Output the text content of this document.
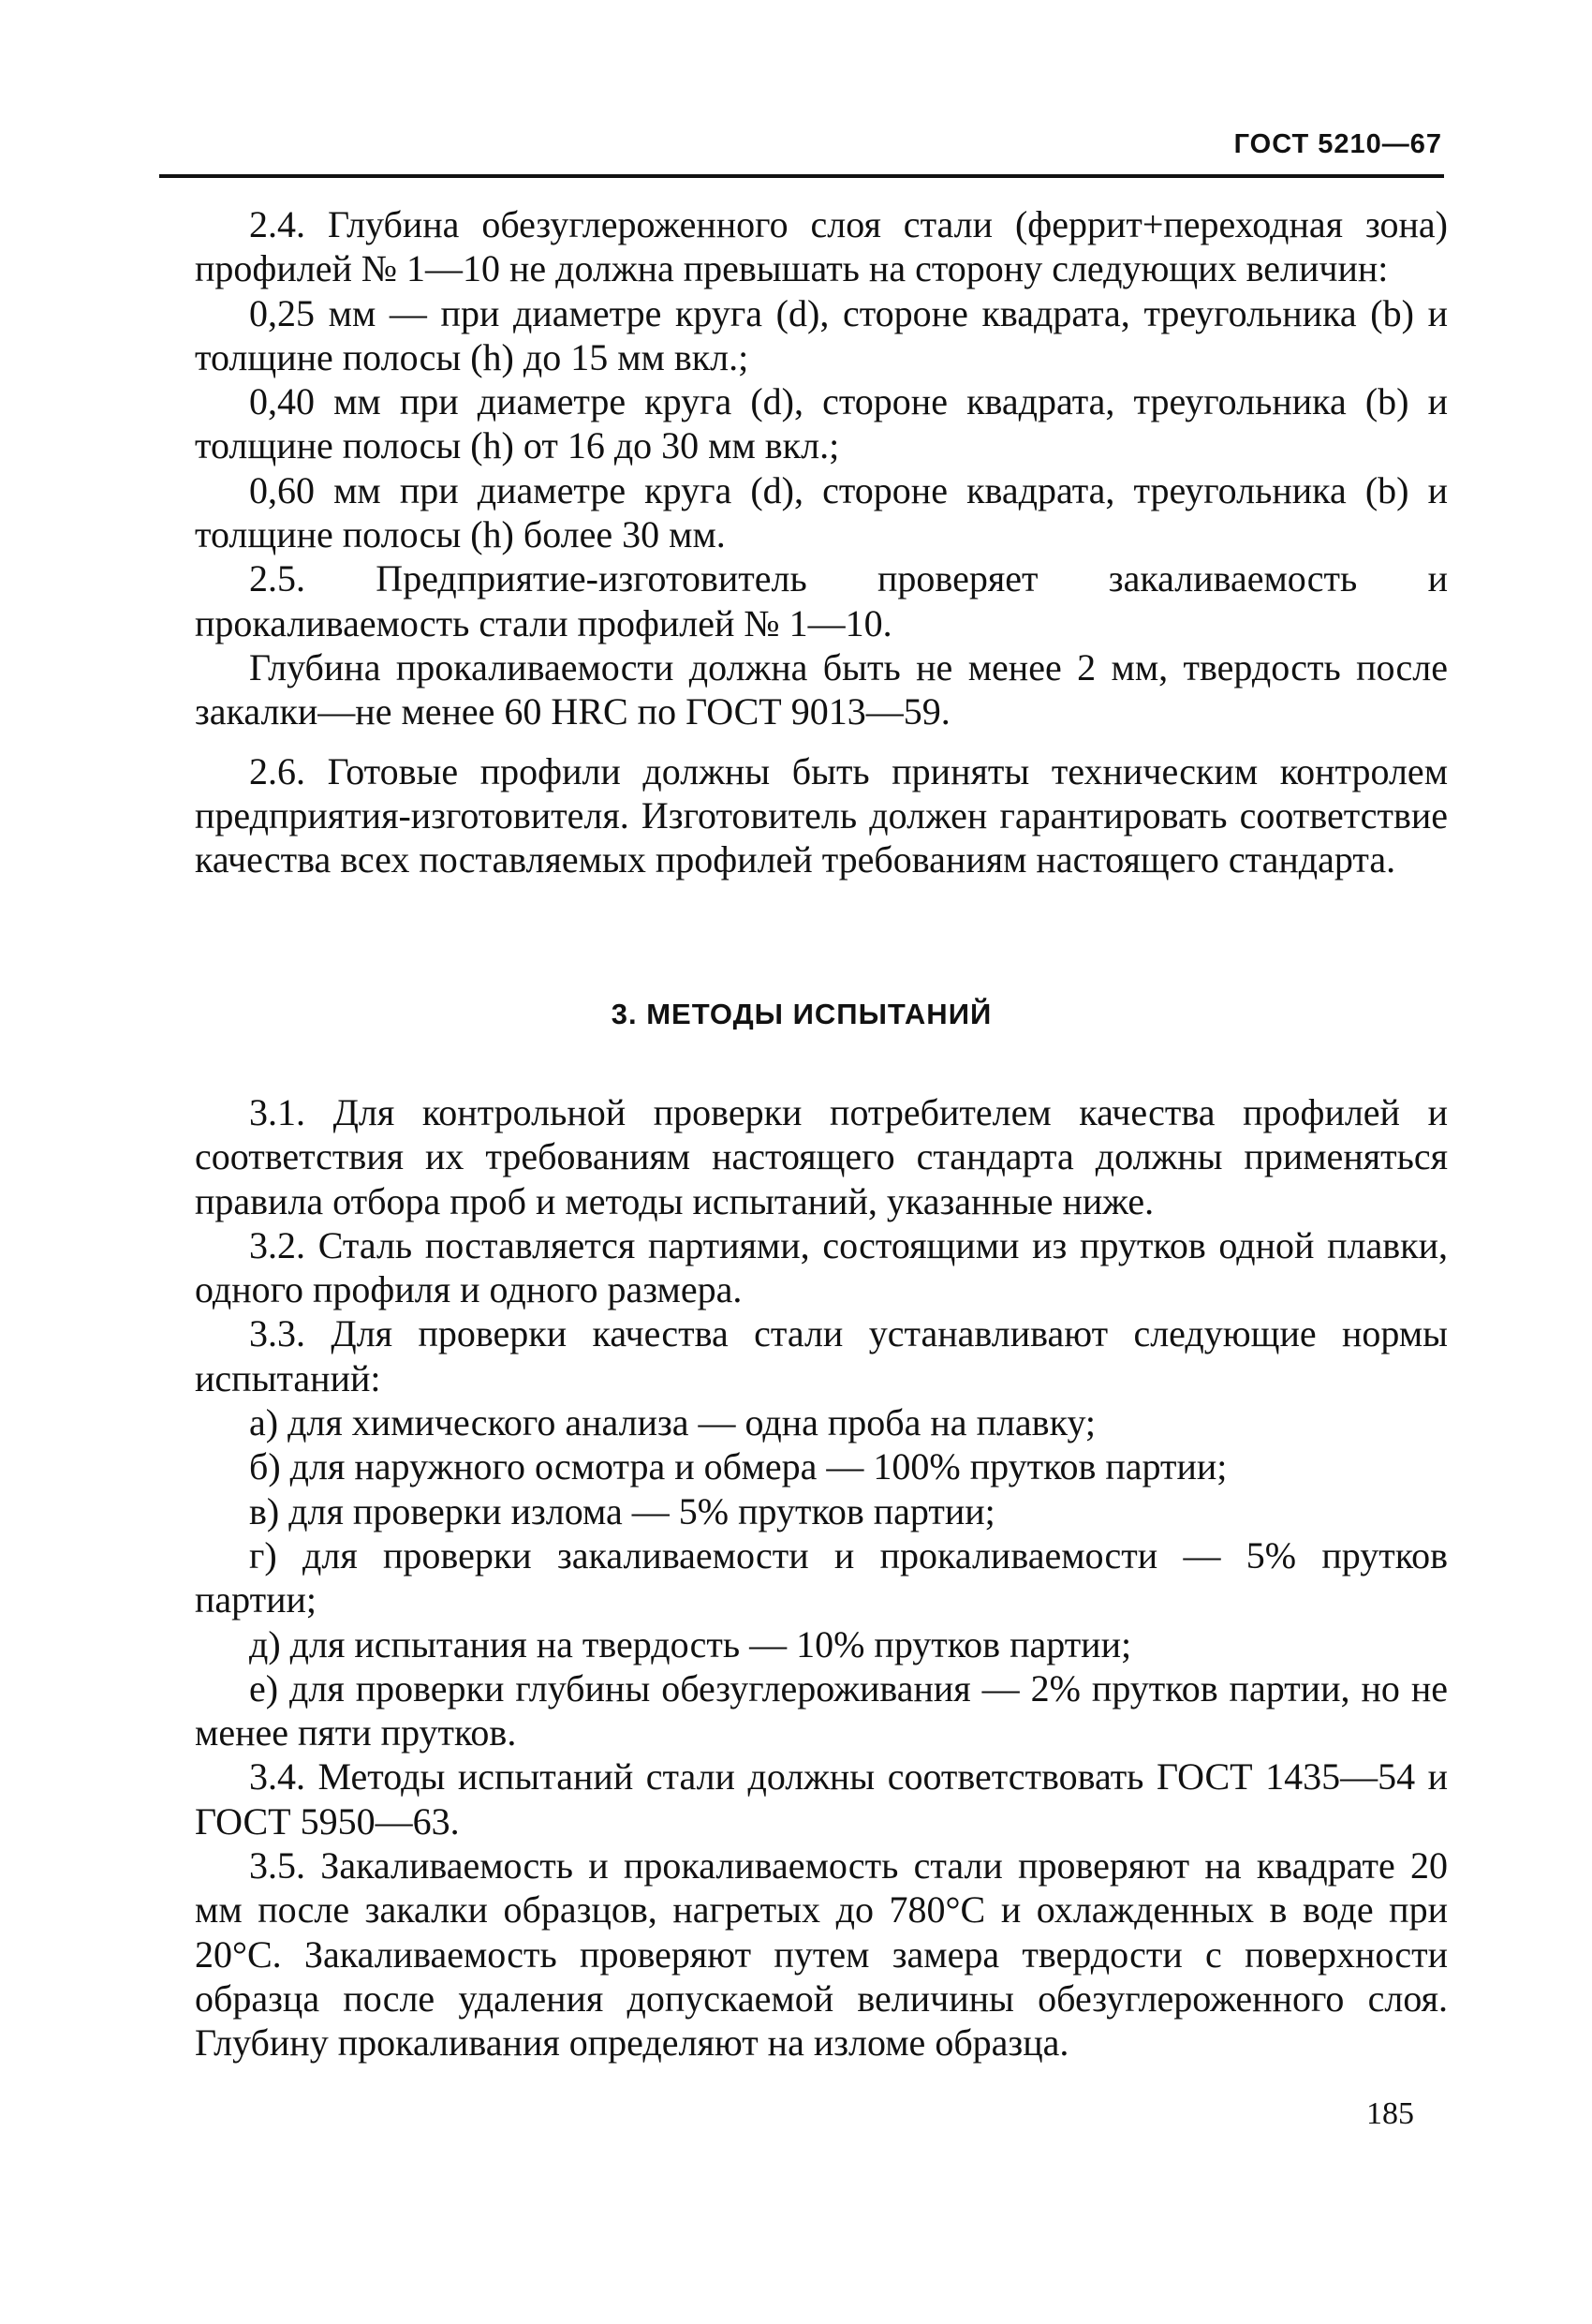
ГОСТ 5210—67

2.4. Глубина обезуглероженного слоя стали (феррит+переходная зона) профилей № 1—10 не должна превышать на сторону следующих величин:

0,25 мм — при диаметре круга (d), стороне квадрата, треугольника (b) и толщине полосы (h) до 15 мм вкл.;

0,40 мм при диаметре круга (d), стороне квадрата, треугольника (b) и толщине полосы (h) от 16 до 30 мм вкл.;

0,60 мм при диаметре круга (d), стороне квадрата, треугольника (b) и толщине полосы (h) более 30 мм.

2.5. Предприятие-изготовитель проверяет закаливаемость и прокаливаемость стали профилей № 1—10.

Глубина прокаливаемости должна быть не менее 2 мм, твердость после закалки—не менее 60 HRC по ГОСТ 9013—59.

2.6. Готовые профили должны быть приняты техническим контролем предприятия-изготовителя. Изготовитель должен гарантировать соответствие качества всех поставляемых профилей требованиям настоящего стандарта.

3. МЕТОДЫ ИСПЫТАНИЙ

3.1. Для контрольной проверки потребителем качества профилей и соответствия их требованиям настоящего стандарта должны применяться правила отбора проб и методы испытаний, указанные ниже.

3.2. Сталь поставляется партиями, состоящими из прутков одной плавки, одного профиля и одного размера.

3.3. Для проверки качества стали устанавливают следующие нормы испытаний:

а) для химического анализа — одна проба на плавку;

б) для наружного осмотра и обмера — 100% прутков партии;

в) для проверки излома — 5% прутков партии;

г) для проверки закаливаемости и прокаливаемости — 5% прутков партии;

д) для испытания на твердость — 10% прутков партии;

е) для проверки глубины обезуглероживания — 2% прутков партии, но не менее пяти прутков.

3.4. Методы испытаний стали должны соответствовать ГОСТ 1435—54 и ГОСТ 5950—63.

3.5. Закаливаемость и прокаливаемость стали проверяют на квадрате 20 мм после закалки образцов, нагретых до 780°С и охлажденных в воде при 20°С. Закаливаемость проверяют путем замера твердости с поверхности образца после удаления допускаемой величины обезуглероженного слоя. Глубину прокаливания определяют на изломе образца.

185
